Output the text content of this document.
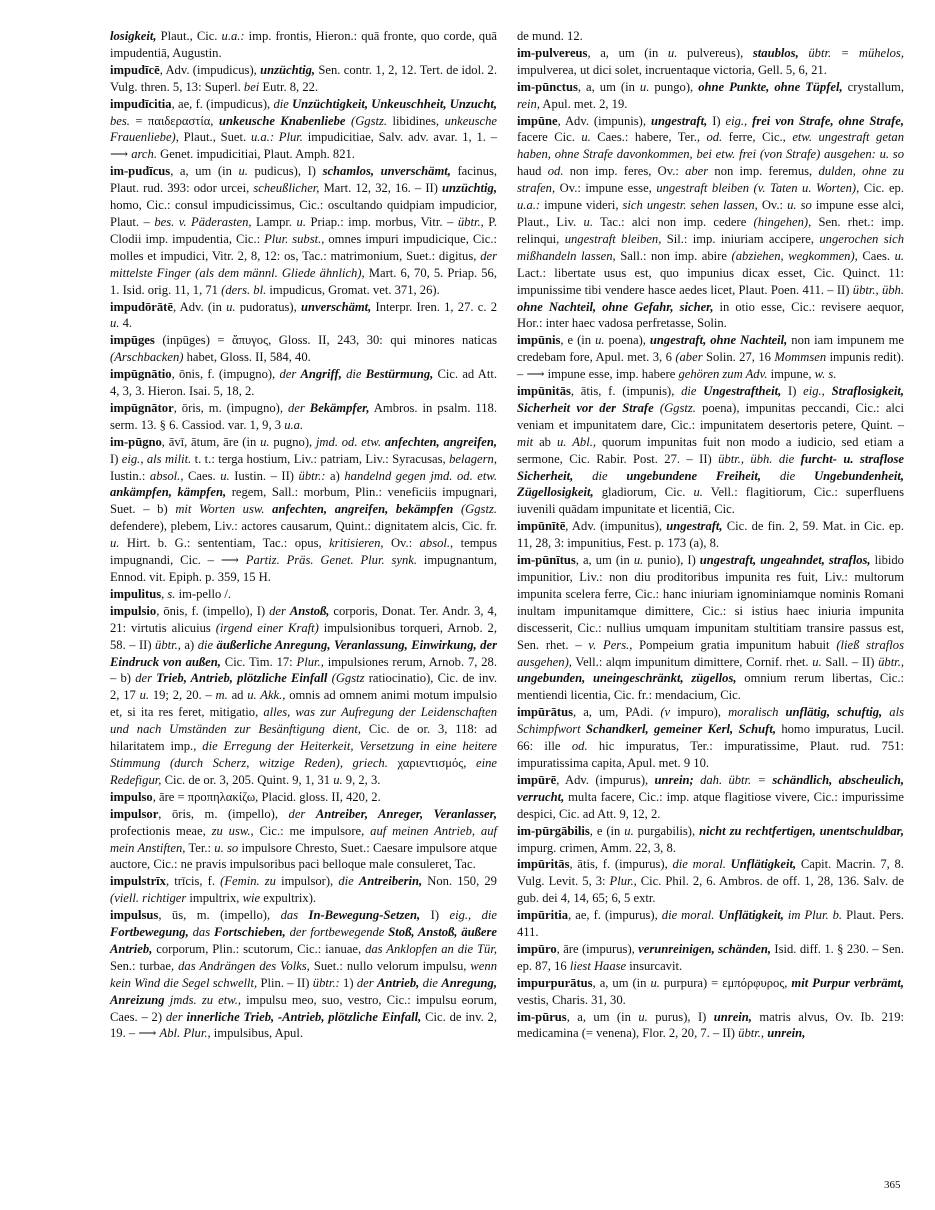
losigkeit, Plaut., Cic. u.a.: imp. frontis, Hieron.: quā fronte, quo corde, quā impudentiā, Augustin.

impudīcē, Adv. (impudicus), unzüchtig, Sen. contr. 1, 2, 12. Tert. de idol. 2. Vulg. thren. 5, 13: Superl. bei Eutr. 8, 22.

impudīcitia, ae, f. (impudicus), die Unzüchtigkeit, Unkeuschheit, Unzucht, bes. = παιδεραστία, unkeusche Knabenliebe (Ggstz. libidines, unkeusche Frauenliebe), Plaut., Suet. u.a.: Plur. impudicitiae, Salv. adv. avar. 1, 1. – ⟶ arch. Genet. impudicitiai, Plaut. Amph. 821.

im-pudīcus, a, um (in u. pudicus), I) schamlos, unverschämt, facinus, Plaut. rud. 393: odor urcei, scheußlicher, Mart. 12, 32, 16. – II) unzüchtig, homo, Cic.: consul impudicissimus, Cic.: oscultando quidpiam impudicior, Plaut. – bes. v. Päderasten, Lampr. u. Priap.: imp. morbus, Vitr. – übtr., P. Clodii imp. impudentia, Cic.: Plur. subst., omnes impuri impudicique, Cic.: molles et impudici, Vitr. 2, 8, 12: os, Tac.: matrimonium, Suet.: digitus, der mittelste Finger (als dem männl. Gliede ähnlich), Mart. 6, 70, 5. Priap. 56, 1. Isid. orig. 11, 1, 71 (ders. bl. impudicus, Gromat. vet. 371, 26).

impudōrātē, Adv. (in u. pudoratus), unverschämt, Interpr. Iren. 1, 27. c. 2 u. 4.

impūges (inpūges) = ἄπυγος, Gloss. II, 243, 30: qui minores naticas (Arschbacken) habet, Gloss. II, 584, 40.

impūgnātio, ōnis, f. (impugno), der Angriff, die Bestürmung, Cic. ad Att. 4, 3, 3. Hieron. Isai. 5, 18, 2.

impūgnātor, ōris, m. (impugno), der Bekämpfer, Ambros. in psalm. 118. serm. 13. § 6. Cassiod. var. 1, 9, 3 u.a.

im-pūgno, āvī, ātum, āre (in u. pugno), jmd. od. etw. anfechten, angreifen, I) eig., als milit. t. t.: terga hostium, Liv.: patriam, Liv.: Syracusas, belagern, Iustin.: absol., Caes. u. Iustin. – II) übtr.: a) handelnd gegen jmd. od. etw. ankämpfen, kämpfen, regem, Sall.: morbum, Plin.: veneficiis impugnari, Suet. – b) mit Worten usw. anfechten, angreifen, bekämpfen (Ggstz. defendere), plebem, Liv.: actores causarum, Quint.: dignitatem alcis, Cic. fr. u. Hirt. b. G.: sententiam, Tac.: opus, kritisieren, Ov.: absol., tempus impugnandi, Cic. – ⟶ Partiz. Präs. Genet. Plur. synk. impugnantum, Ennod. vit. Epiph. p. 359, 15 H.

impulitus, s. im-pello /.

impulsio, ōnis, f. (impello), I) der Anstoß, corporis, Donat. Ter. Andr. 3, 4, 21: virtutis alicuius (irgend einer Kraft) impulsionibus torqueri, Arnob. 2, 58. – II) übtr., a) die äußerliche Anregung, Veranlassung, Einwirkung, der Eindruck von außen, Cic. Tim. 17: Plur., impulsiones rerum, Arnob. 7, 28. – b) der Trieb, Antrieb, plötzliche Einfall (Ggstz ratiocinatio), Cic. de inv. 2, 17 u. 19; 2, 20. – m. ad u. Akk., omnis ad omnem animi motum impulsio et, si ita res feret, mitigatio, alles, was zur Aufregung der Leidenschaften und nach Umständen zur Besänftigung dient, Cic. de or. 3, 118: ad hilaritatem imp., die Erregung der Heiterkeit, Versetzung in eine heitere Stimmung (durch Scherz, witzige Reden), griech. χαριεντισμός, eine Redefigur, Cic. de or. 3, 205. Quint. 9, 1, 31 u. 9, 2, 3.

impulso, āre = προπηλακίζω, Placid. gloss. II, 420, 2.

impulsor, ōris, m. (impello), der Antreiber, Anreger, Veranlasser, profectionis meae, zu usw., Cic.: me impulsore, auf meinen Antrieb, auf mein Anstiften, Ter.: u. so impulsore Chresto, Suet.: Caesare impulsore atque auctore, Cic.: ne pravis impulsoribus paci belloque male consuleret, Tac.

impulstrīx, trīcis, f. (Femin. zu impulsor), die Antreiberin, Non. 150, 29 (viell. richtiger impultrix, wie expultrix).

impulsus, ūs, m. (impello), das In-Bewegung-Setzen, I) eig., die Fortbewegung, das Fortschieben, der fortbewegende Stoß, Anstoß, äußere Antrieb, corporum, Plin.: scutorum, Cic.: ianuae, das Anklopfen an die Tür, Sen.: turbae, das Andrängen des Volks, Suet.: nullo velorum impulsu, wenn kein Wind die Segel schwellt, Plin. – II) übtr.: 1) der Antrieb, die Anregung, Anreizung jmds. zu etw., impulsu meo, suo, vestro, Cic.: impulsu eorum, Caes. – 2) der innerliche Trieb, -Antrieb, plötzliche Einfall, Cic. de inv. 2, 19. – ⟶ Abl. Plur., impulsibus, Apul.

de mund. 12.

im-pulvereus, a, um (in u. pulvereus), staublos, übtr. = mühelos, impulverea, ut dici solet, incruentaque victoria, Gell. 5, 6, 21.

im-pūnctus, a, um (in u. pungo), ohne Punkte, ohne Tüpfel, crystallum, rein, Apul. met. 2, 19.

impūne, Adv. (impunis), ungestraft, I) eig., frei von Strafe, ohne Strafe, facere Cic. u. Caes.: habere, Ter., od. ferre, Cic., etw. ungestraft getan haben, ohne Strafe davonkommen, bei etw. frei (von Strafe) ausgehen: u. so haud od. non imp. feres, Ov.: aber non imp. feremus, dulden, ohne zu strafen, Ov.: impune esse, ungestraft bleiben (v. Taten u. Worten), Cic. ep. u.a.: impune videri, sich ungestr. sehen lassen, Ov.: u. so impune esse alci, Plaut., Liv. u. Tac.: alci non imp. cedere (hingehen), Sen. rhet.: imp. relinqui, ungestraft bleiben, Sil.: imp. iniuriam accipere, ungerochen sich mißhandeln lassen, Sall.: non imp. abire (abziehen, wegkommen), Caes. u. Lact.: libertate usus est, quo impunius dicax esset, Cic. Quinct. 11: impunissime tibi vendere hasce aedes licet, Plaut. Poen. 411. – II) übtr., übh. ohne Nachteil, ohne Gefahr, sicher, in otio esse, Cic.: revisere aequor, Hor.: inter haec vadosa perfretasse, Solin.

impūnis, e (in u. poena), ungestraft, ohne Nachteil, non iam impunem me credebam fore, Apul. met. 3, 6 (aber Solin. 27, 16 Mommsen impunis redit). – ⟶ impune esse, imp. habere gehören zum Adv. impune, w. s.

impūnitās, ātis, f. (impunis), die Ungestraftheit, I) eig., Straflosigkeit, Sicherheit vor der Strafe (Ggstz. poena), impunitas peccandi, Cic.: alci veniam et impunitatem dare, Cic.: impunitatem desertoris petere, Quint. – mit ab u. Abl., quorum impunitas fuit non modo a iudicio, sed etiam a sermone, Cic. Rabir. Post. 27. – II) übtr., übh. die furcht- u. straflose Sicherheit, die ungebundene Freiheit, die Ungebundenheit, Zügellosigkeit, gladiorum, Cic. u. Vell.: flagitiorum, Cic.: superfluens iuvenili quādam impunitate et licentiā, Cic.

impūnītē, Adv. (impunitus), ungestraft, Cic. de fin. 2, 59. Mat. in Cic. ep. 11, 28, 3: impunitius, Fest. p. 173 (a), 8.

im-pūnītus, a, um (in u. punio), I) ungestraft, ungeahndet, straflos, libido impunitior, Liv.: non diu proditoribus impunita res fuit, Liv.: multorum impunita scelera ferre, Cic.: hanc iniuriam ignominiamque nominis Romani inultam impunitamque dimittere, Cic.: si istius haec iniuria impunita discesserit, Cic.: nullius umquam impunitam stultitiam transire passus est, Sen. rhet. – v. Pers., Pompeium gratia impunitum habuit (ließ straflos ausgehen), Vell.: alqm impunitum dimittere, Cornif. rhet. u. Sall. – II) übtr., ungebunden, uneingeschränkt, zügellos, omnium rerum libertas, Cic.: mentiendi licentia, Cic. fr.: mendacium, Cic.

impūrātus, a, um, PAdi. (v impuro), moralisch unflätig, schuftig, als Schimpfwort Schandkerl, gemeiner Kerl, Schuft, homo impuratus, Lucil. 66: ille od. hic impuratus, Ter.: impuratissime, Plaut. rud. 751: impuratissima capita, Apul. met. 9 10.

impūrē, Adv. (impurus), unrein; dah. übtr. = schändlich, abscheulich, verrucht, multa facere, Cic.: imp. atque flagitiose vivere, Cic.: impurissime despici, Cic. ad Att. 9, 12, 2.

im-pūrgābilis, e (in u. purgabilis), nicht zu rechtfertigen, unentschuldbar, impurg. crimen, Amm. 22, 3, 8.

impūritās, ātis, f. (impurus), die moral. Unflätigkeit, Capit. Macrin. 7, 8. Vulg. Levit. 5, 3: Plur., Cic. Phil. 2, 6. Ambros. de off. 1, 28, 136. Salv. de gub. dei 4, 14, 65; 6, 5 extr.

impūritia, ae, f. (impurus), die moral. Unflätigkeit, im Plur. b. Plaut. Pers. 411.

impūro, āre (impurus), verunreinigen, schänden, Isid. diff. 1. § 230. – Sen. ep. 87, 16 liest Haase insurcavit.

impurpurātus, a, um (in u. purpura) = εμπόρφυρος, mit Purpur verbrämt, vestis, Charis. 31, 30.

im-pūrus, a, um (in u. purus), I) unrein, matris alvus, Ov. Ib. 219: medicamina (= venena), Flor. 2, 20, 7. – II) übtr., unrein,

365
